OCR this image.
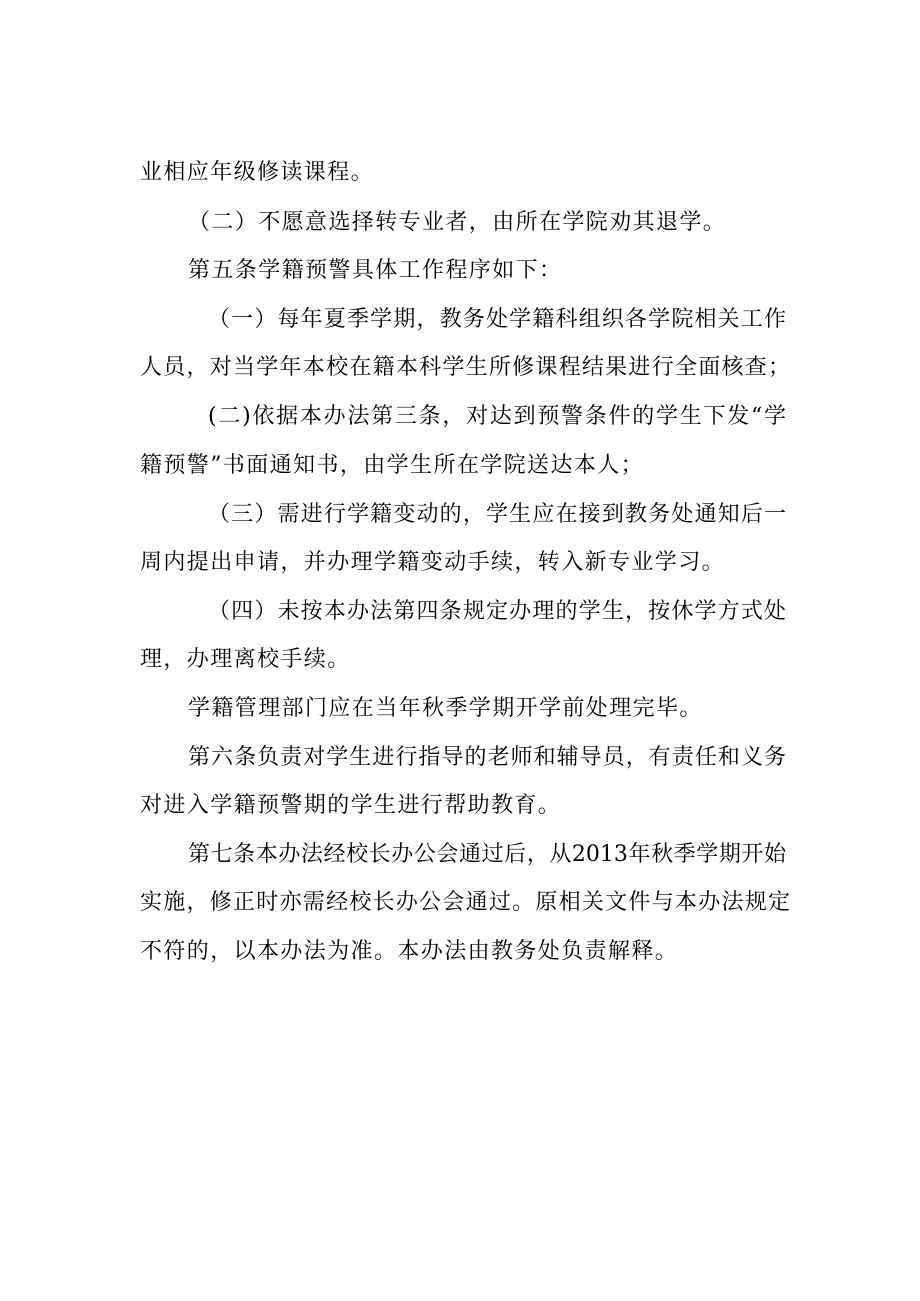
业相应年级修读课程。
（二）不愿意选择转专业者，由所在学院劝其退学。
第五条学籍预警具体工作程序如下：
（一）每年夏季学期，教务处学籍科组织各学院相关工作
人员，对当学年本校在籍本科学生所修课程结果进行全面核查；
(二)依据本办法第三条，对达到预警条件的学生下发“学
籍预警”书面通知书，由学生所在学院送达本人；
（三）需进行学籍变动的，学生应在接到教务处通知后一
周内提出申请，并办理学籍变动手续，转入新专业学习。
（四）未按本办法第四条规定办理的学生，按休学方式处
理，办理离校手续。
学籍管理部门应在当年秋季学期开学前处理完毕。
第六条负责对学生进行指导的老师和辅导员，有责任和义务
对进入学籍预警期的学生进行帮助教育。
第七条本办法经校长办公会通过后，从2013年秋季学期开始
实施，修正时亦需经校长办公会通过。原相关文件与本办法规定
不符的，以本办法为准。本办法由教务处负责解释。
